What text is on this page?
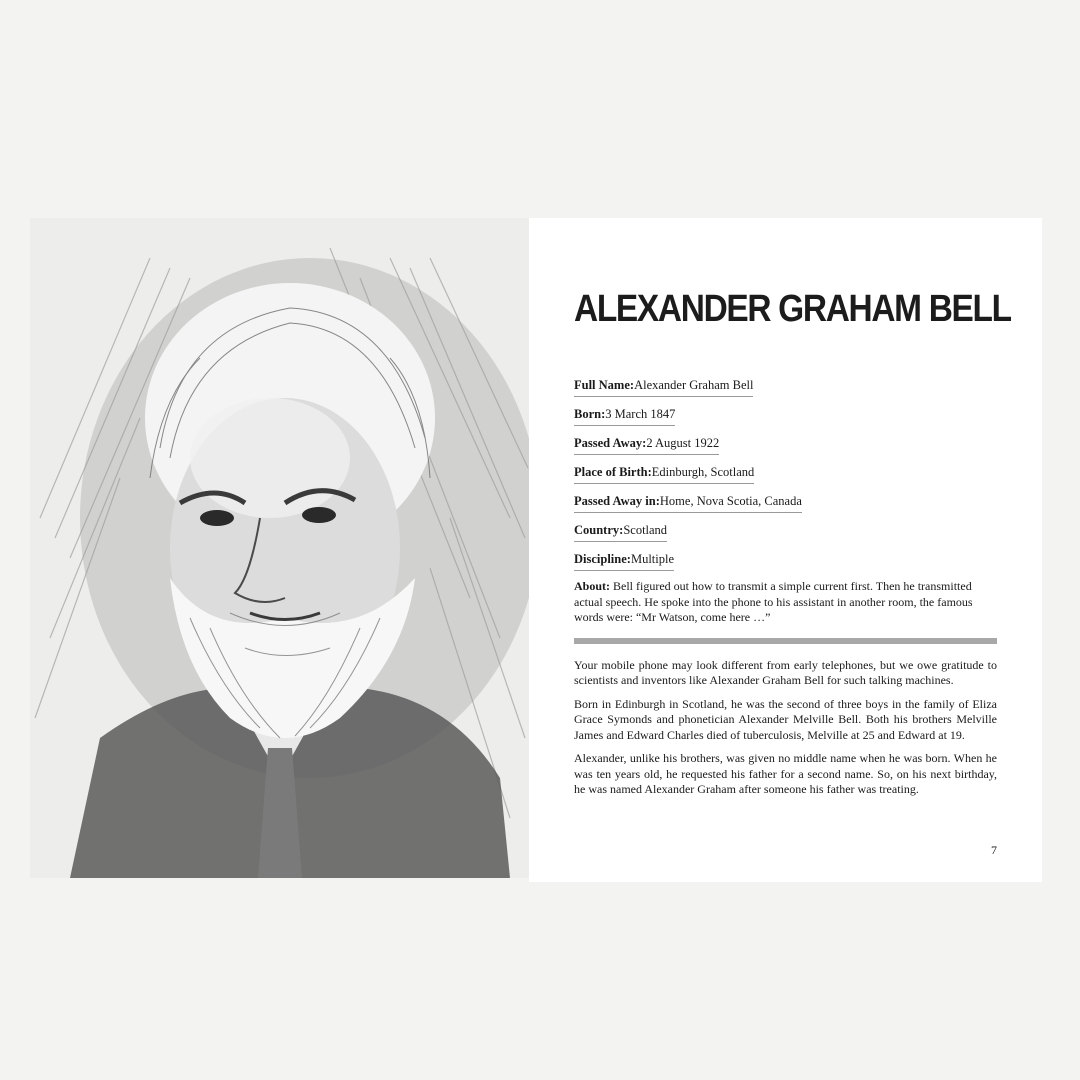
ALEXANDER GRAHAM BELL
Full Name:Alexander Graham Bell
Born:3 March 1847
Passed Away:2 August 1922
Place of Birth:Edinburgh, Scotland
Passed Away in:Home, Nova Scotia, Canada
Country:Scotland
Discipline:Multiple

About: Bell figured out how to transmit a simple current first. Then he transmitted actual speech. He spoke into the phone to his assistant in another room, the famous words were: “Mr Watson, come here …”

Your mobile phone may look different from early telephones, but we owe gratitude to scientists and inventors like Alexander Graham Bell for such talking machines.

Born in Edinburgh in Scotland, he was the second of three boys in the family of Eliza Grace Symonds and phonetician Alexander Melville Bell. Both his brothers Melville James and Edward Charles died of tuberculosis, Melville at 25 and Edward at 19.

Alexander, unlike his brothers, was given no middle name when he was born. When he was ten years old, he requested his father for a second name. So, on his next birthday, he was named Alexander Graham after someone his father was treating.

7
